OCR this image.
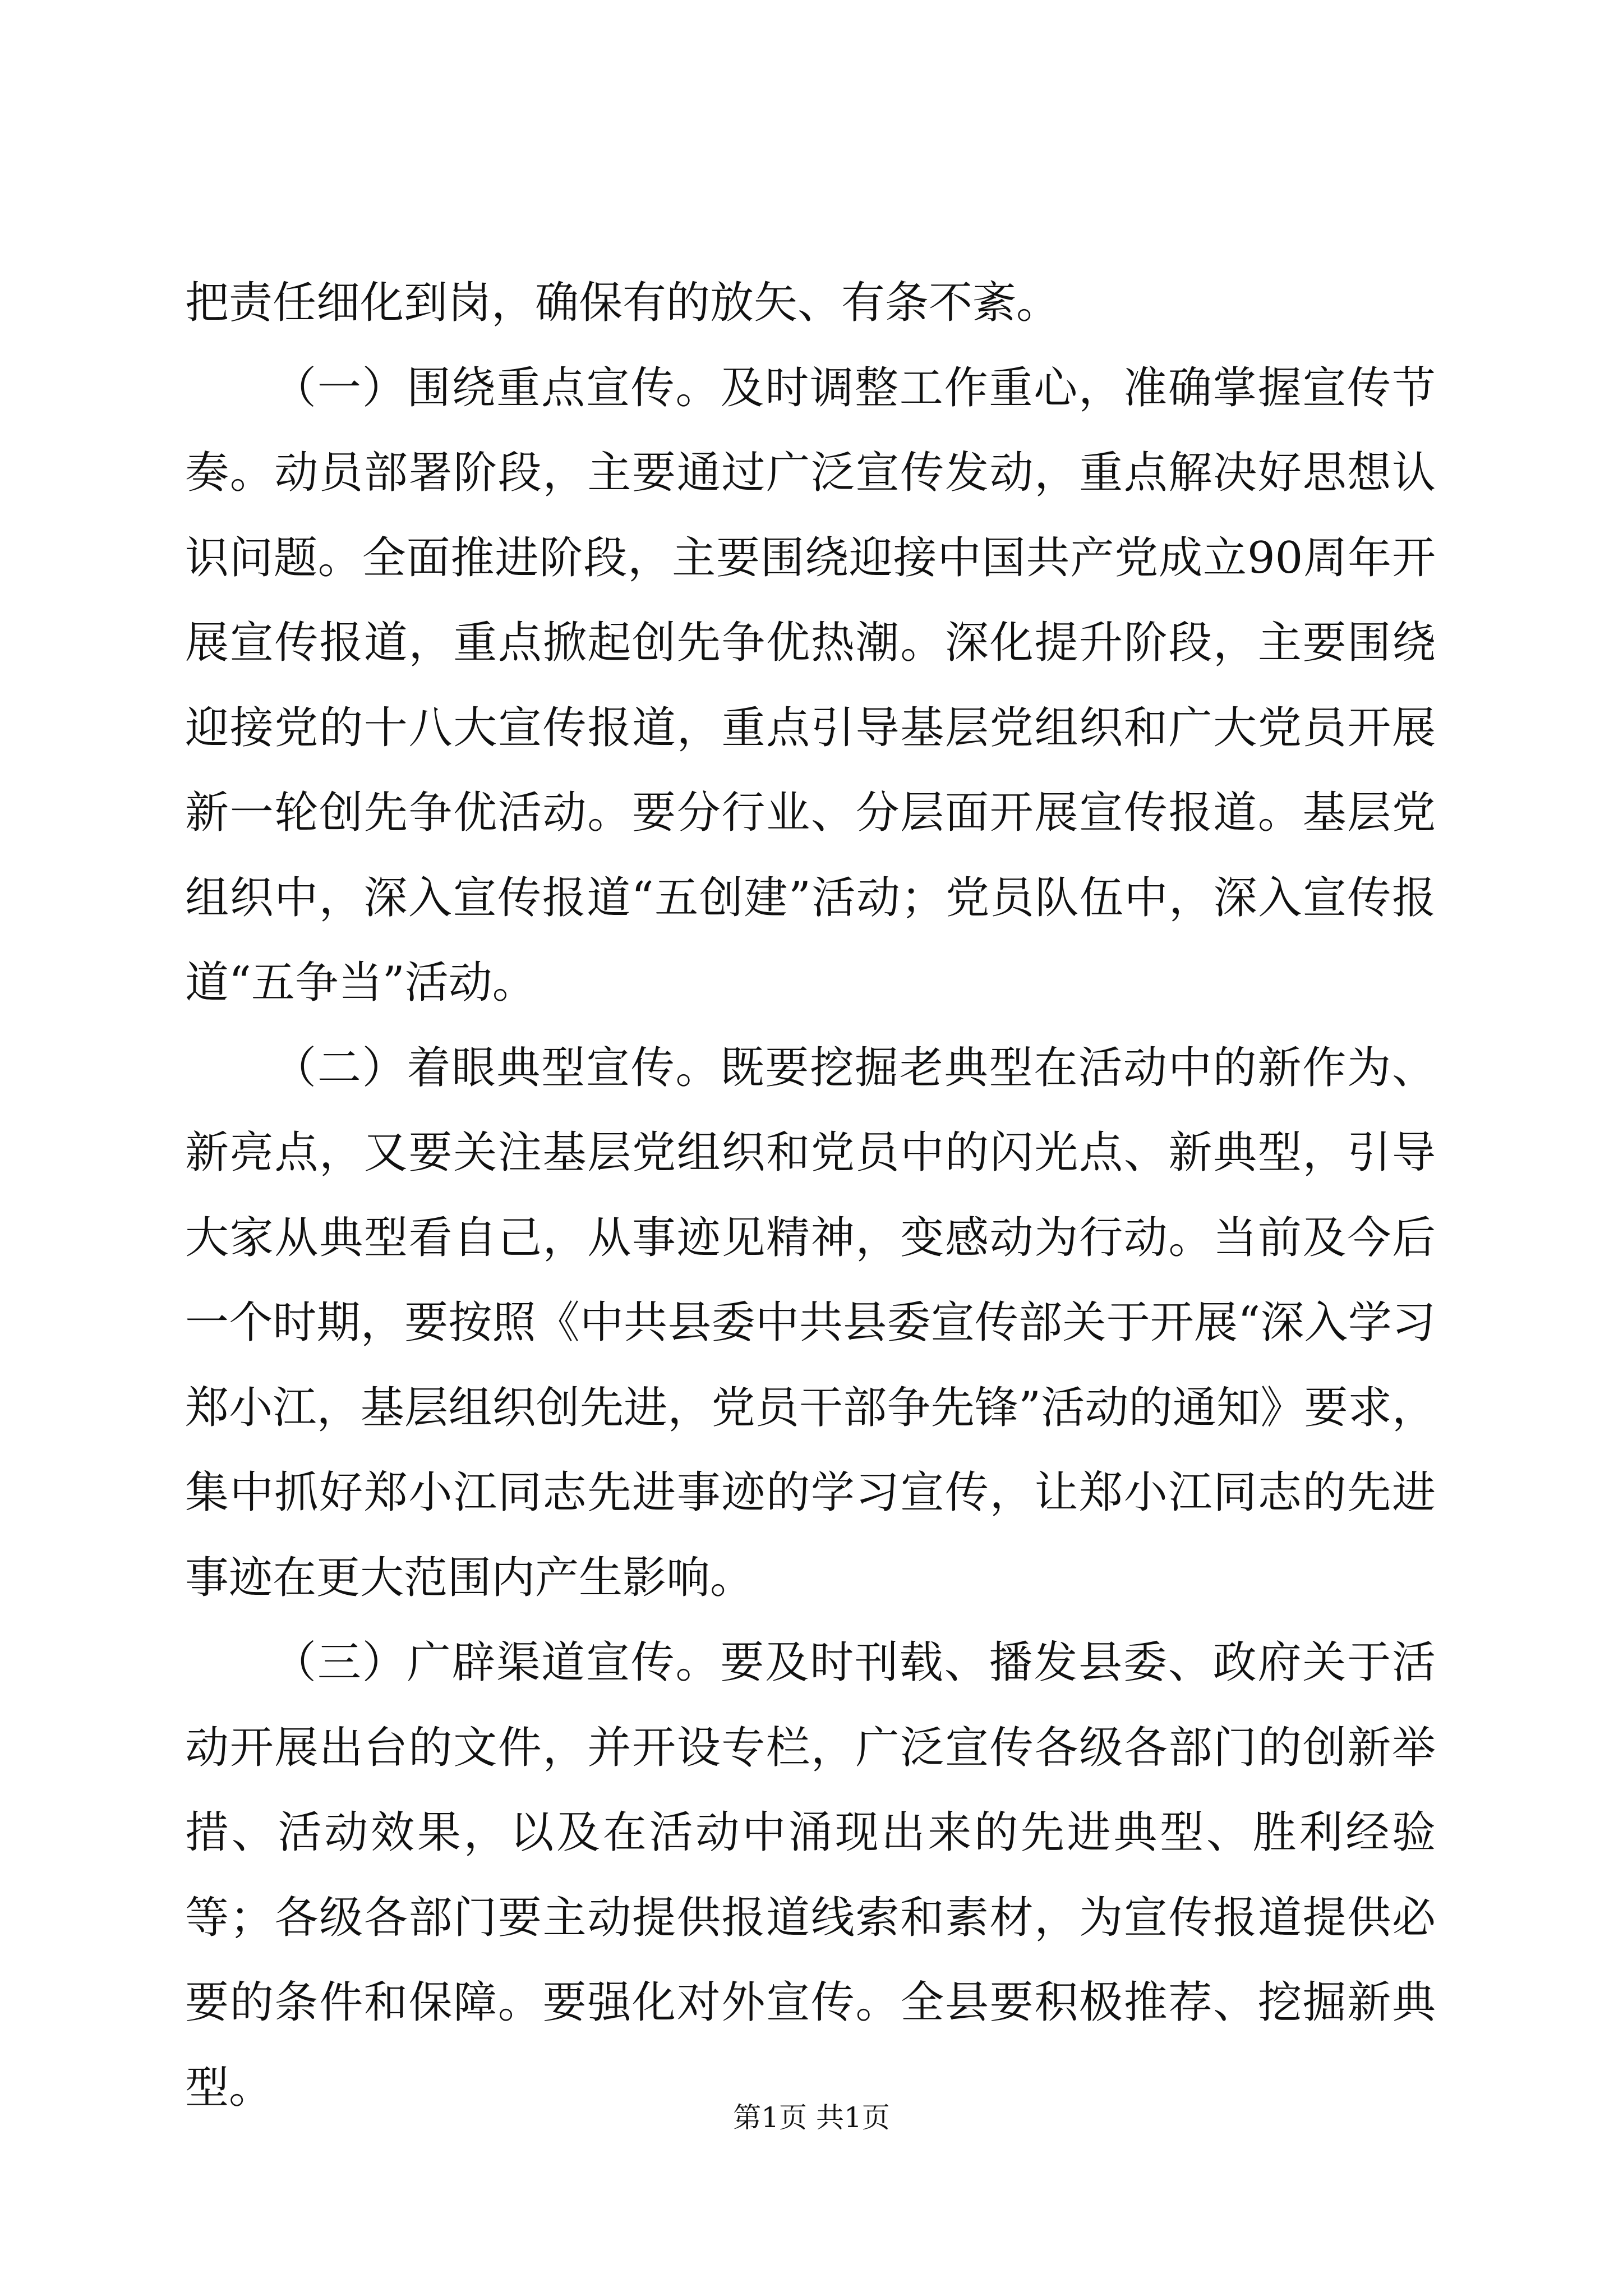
把责任细化到岗，确保有的放矢、有条不紊。

（一）围绕重点宣传。及时调整工作重心，准确掌握宣传节奏。动员部署阶段，主要通过广泛宣传发动，重点解决好思想认识问题。全面推进阶段，主要围绕迎接中国共产党成立90周年开展宣传报道，重点掀起创先争优热潮。深化提升阶段，主要围绕迎接党的十八大宣传报道，重点引导基层党组织和广大党员开展新一轮创先争优活动。要分行业、分层面开展宣传报道。基层党组织中，深入宣传报道“五创建”活动；党员队伍中，深入宣传报道“五争当”活动。

（二）着眼典型宣传。既要挖掘老典型在活动中的新作为、新亮点，又要关注基层党组织和党员中的闪光点、新典型，引导大家从典型看自己，从事迹见精神，变感动为行动。当前及今后一个时期，要按照《中共县委中共县委宣传部关于开展“深入学习郑小江，基层组织创先进，党员干部争先锋”活动的通知》要求，集中抓好郑小江同志先进事迹的学习宣传，让郑小江同志的先进事迹在更大范围内产生影响。

（三）广辟渠道宣传。要及时刊载、播发县委、政府关于活动开展出台的文件，并开设专栏，广泛宣传各级各部门的创新举措、活动效果，以及在活动中涌现出来的先进典型、胜利经验等；各级各部门要主动提供报道线索和素材，为宣传报道提供必要的条件和保障。要强化对外宣传。全县要积极推荐、挖掘新典型。

第1页 共1页
